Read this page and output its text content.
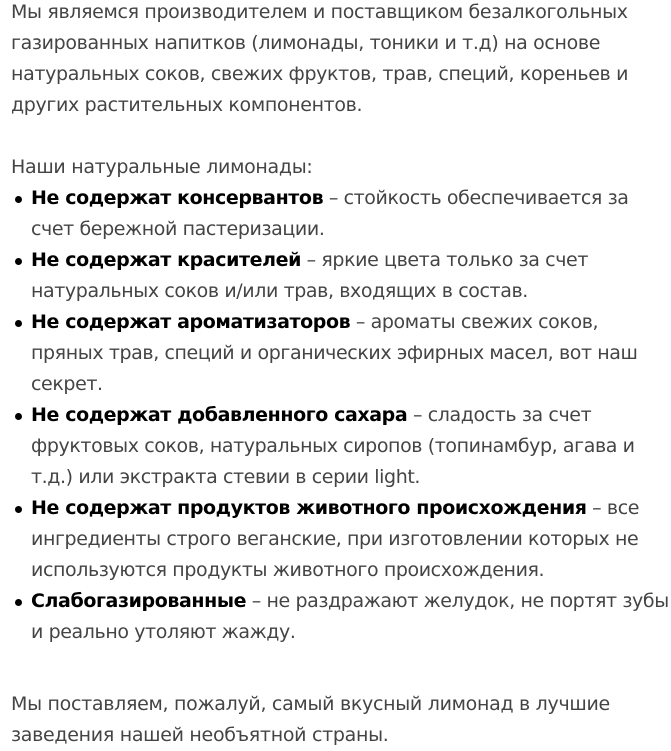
Мы являемся производителем и поставщиком безалкогольных газированных напитков (лимонады, тоники и т.д) на основе натуральных соков, свежих фруктов, трав, специй, кореньев и других растительных компонентов.

Наши натуральные лимонады:

Не содержат консервантов – стойкость обеспечивается за счет бережной пастеризации.
Не содержат красителей – яркие цвета только за счет натуральных соков и/или трав, входящих в состав.
Не содержат ароматизаторов – ароматы свежих соков, пряных трав, специй и органических эфирных масел, вот наш секрет.
Не содержат добавленного сахара – сладость за счет фруктовых соков, натуральных сиропов (топинамбур, агава и т.д.) или экстракта стевии в серии light.
Не содержат продуктов животного происхождения – все ингредиенты строго веганские, при изготовлении которых не используются продукты животного происхождения.
Слабогазированные – не раздражают желудок, не портят зубы и реально утоляют жажду.

Мы поставляем, пожалуй, самый вкусный лимонад в лучшие заведения нашей необъятной страны.
